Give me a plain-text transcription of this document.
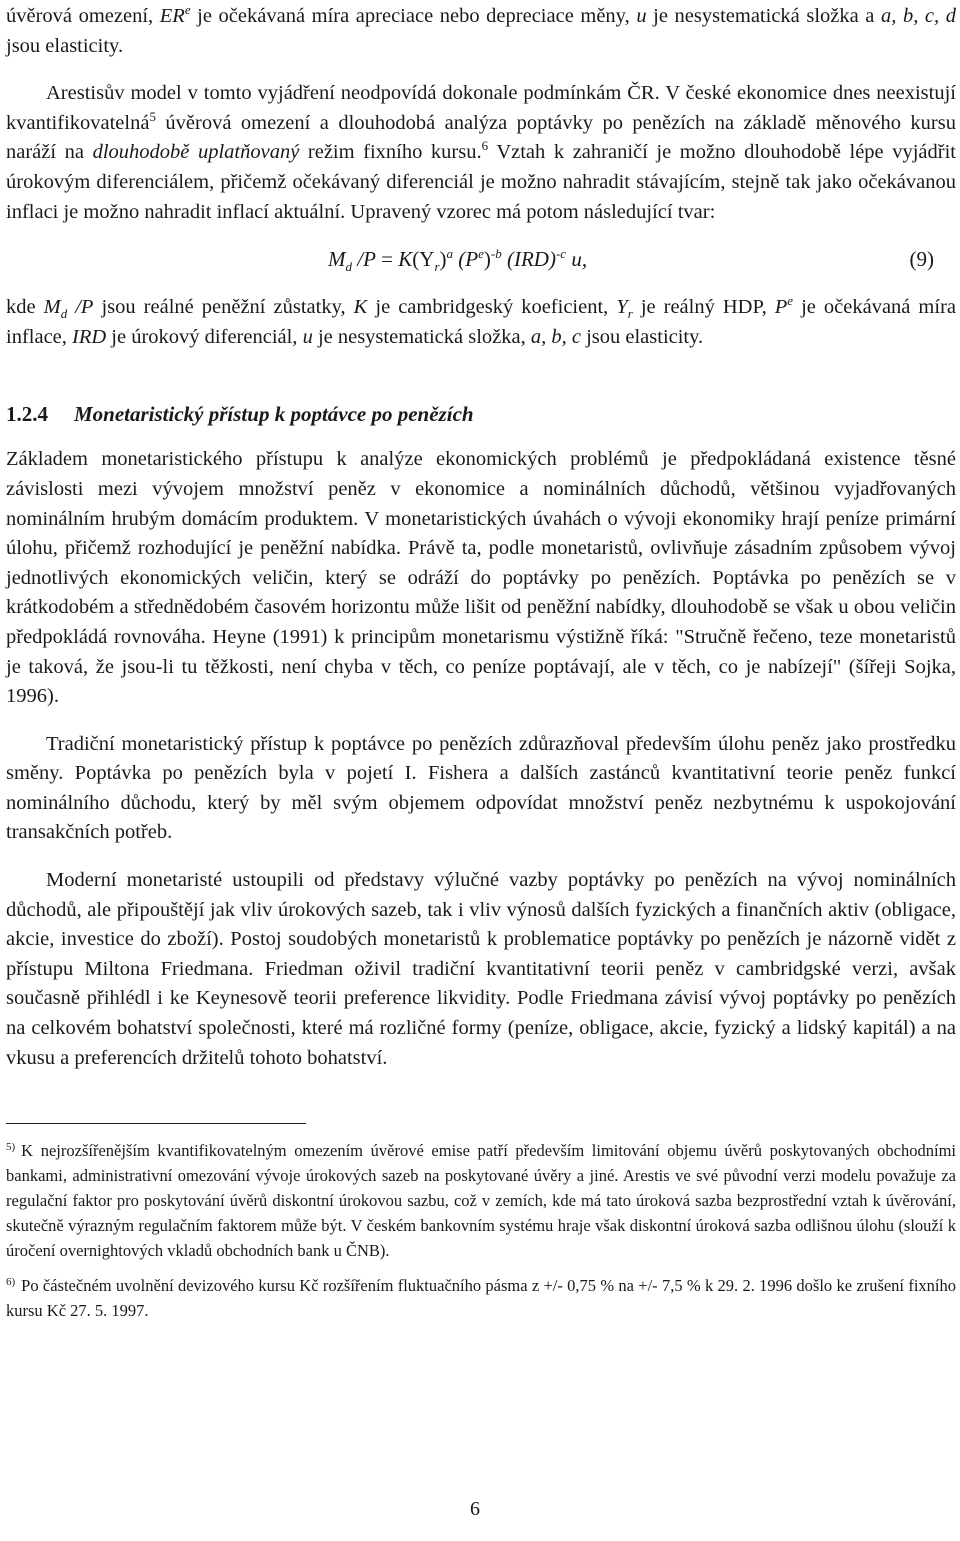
úvěrová omezení, $ER^e$ je očekávaná míra apreciace nebo depreciace měny, u je nesystematická složka a a, b, c, d jsou elasticity.

Arestisův model v tomto vyjádření neodpovídá dokonale podmínkám ČR. V české ekonomice dnes neexistují kvantifikovatelná$^5$ úvěrová omezení a dlouhodobá analýza poptávky po penězích na základě měnového kursu naráží na dlouhodobě uplatňovaný režim fixního kursu.$^6$ Vztah k zahraničí je možno dlouhodobě lépe vyjádřit úrokovým diferenciálem, přičemž očekávaný diferenciál je možno nahradit stávajícím, stejně tak jako očekávanou inflaci je možno nahradit inflací aktuální. Upravený vzorec má potom následující tvar:

$M_d$ $/P = K(Y_r)^a$ $(P^e)^{-b}$ (IRD)$^{-c}$ u,	(9)

kde $M_d$ /P jsou reálné peněžní zůstatky, K je cambridgeský koeficient, $Y_r$ je reálný HDP, $P^e$ je očekávaná míra inflace, IRD je úrokový diferenciál, u je nesystematická složka, a, b, c jsou elasticity.

1.2.4 Monetaristický přístup k poptávce po penězích

Základem monetaristického přístupu k analýze ekonomických problémů je předpokládaná existence těsné závislosti mezi vývojem množství peněz v ekonomice a nominálních důchodů, většinou vyjadřovaných nominálním hrubým domácím produktem. V monetaristických úvahách o vývoji ekonomiky hrají peníze primární úlohu, přičemž rozhodující je peněžní nabídka. Právě ta, podle monetaristů, ovlivňuje zásadním způsobem vývoj jednotlivých ekonomických veličin, který se odráží do poptávky po penězích. Poptávka po penězích se v krátkodobém a střednědobém časovém horizontu může lišit od peněžní nabídky, dlouhodobě se však u obou veličin předpokládá rovnováha. Heyne (1991) k principům monetarismu výstižně říká: "Stručně řečeno, teze monetaristů je taková, že jsou-li tu těžkosti, není chyba v těch, co peníze poptávají, ale v těch, co je nabízejí" (šířeji Sojka, 1996).

Tradiční monetaristický přístup k poptávce po penězích zdůrazňoval především úlohu peněz jako prostředku směny. Poptávka po penězích byla v pojetí I. Fishera a dalších zastánců kvantitativní teorie peněz funkcí nominálního důchodu, který by měl svým objemem odpovídat množství peněz nezbytnému k uspokojování transakčních potřeb.

Moderní monetaristé ustoupili od představy výlučné vazby poptávky po penězích na vývoj nominálních důchodů, ale připouštějí jak vliv úrokových sazeb, tak i vliv výnosů dalších fyzických a finančních aktiv (obligace, akcie, investice do zboží). Postoj soudobých monetaristů k problematice poptávky po penězích je názorně vidět z přístupu Miltona Friedmana. Friedman oživil tradiční kvantitativní teorii peněz v cambridgské verzi, avšak současně přihlédl i ke Keynesově teorii preference likvidity. Podle Friedmana závisí vývoj poptávky po penězích na celkovém bohatství společnosti, které má rozličné formy (peníze, obligace, akcie, fyzický a lidský kapitál) a na vkusu a preferencích držitelů tohoto bohatství.

$^{5)}$ K nejrozšířenějším kvantifikovatelným omezením úvěrové emise patří především limitování objemu úvěrů poskytovaných obchodními bankami, administrativní omezování vývoje úrokových sazeb na poskytované úvěry a jiné. Arestis ve své původní verzi modelu považuje za regulační faktor pro poskytování úvěrů diskontní úrokovou sazbu, což v zemích, kde má tato úroková sazba bezprostřední vztah k úvěrování, skutečně výrazným regulačním faktorem může být. V českém bankovním systému hraje však diskontní úroková sazba odlišnou úlohu (slouží k úročení overnightových vkladů obchodních bank u ČNB).

$^{6)}$ Po částečném uvolnění devizového kursu Kč rozšířením fluktuačního pásma z +/- 0,75 % na +/- 7,5 % k 29. 2. 1996 došlo ke zrušení fixního kursu Kč 27. 5. 1997.

6
